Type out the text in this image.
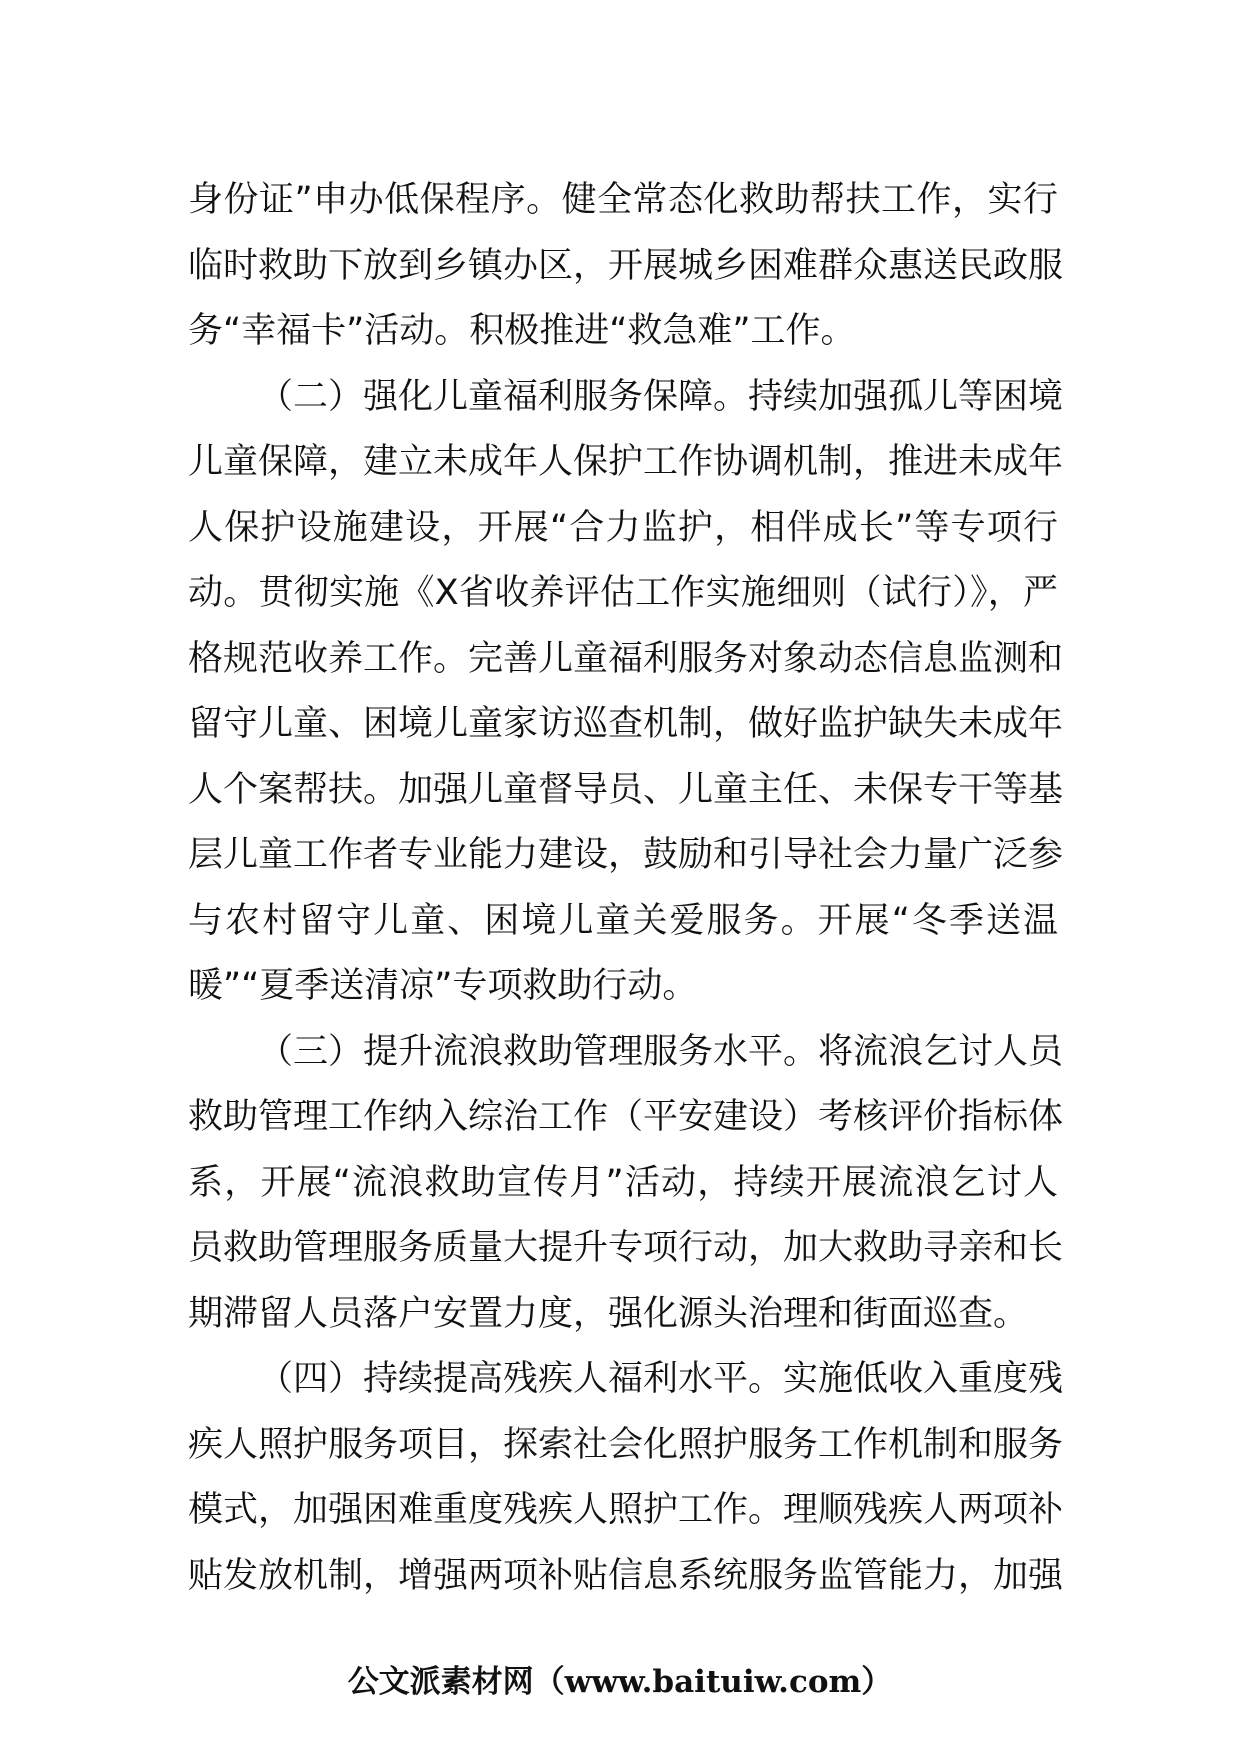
身份证”申办低保程序。健全常态化救助帮扶工作，实行
临时救助下放到乡镇办区，开展城乡困难群众惠送民政服
务“幸福卡”活动。积极推进“救急难”工作。

（二）强化儿童福利服务保障。持续加强孤儿等困境
儿童保障，建立未成年人保护工作协调机制，推进未成年
人保护设施建设，开展“合力监护，相伴成长”等专项行
动。贯彻实施《X省收养评估工作实施细则（试行）》，严
格规范收养工作。完善儿童福利服务对象动态信息监测和
留守儿童、困境儿童家访巡查机制，做好监护缺失未成年
人个案帮扶。加强儿童督导员、儿童主任、未保专干等基
层儿童工作者专业能力建设，鼓励和引导社会力量广泛参
与农村留守儿童、困境儿童关爱服务。开展“冬季送温
暖”“夏季送清凉”专项救助行动。

（三）提升流浪救助管理服务水平。将流浪乞讨人员
救助管理工作纳入综治工作（平安建设）考核评价指标体
系，开展“流浪救助宣传月”活动，持续开展流浪乞讨人
员救助管理服务质量大提升专项行动，加大救助寻亲和长
期滞留人员落户安置力度，强化源头治理和街面巡查。

（四）持续提高残疾人福利水平。实施低收入重度残
疾人照护服务项目，探索社会化照护服务工作机制和服务
模式，加强困难重度残疾人照护工作。理顺残疾人两项补
贴发放机制，增强两项补贴信息系统服务监管能力，加强

公文派素材网（www.baituiw.com）
